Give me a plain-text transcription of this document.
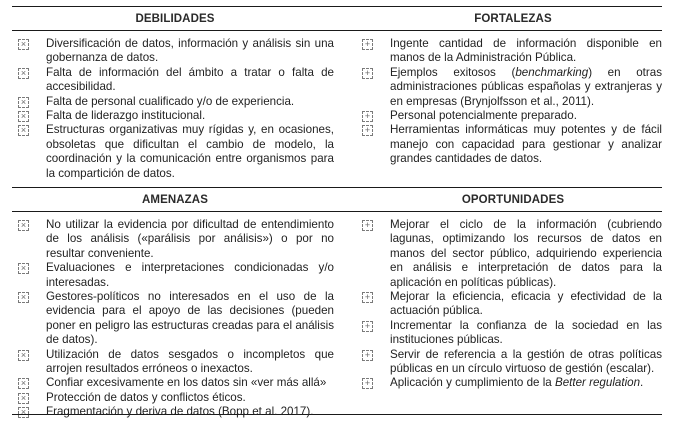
DEBILIDADES	FORTALEZAS
× Diversificación de datos, información y análisis sin una gobernanza de datos.
× Falta de información del ámbito a tratar o falta de accesibilidad.
× Falta de personal cualificado y/o de experiencia.
× Falta de liderazgo institucional.
× Estructuras organizativas muy rígidas y, en ocasiones, obsoletas que dificultan el cambio de modelo, la coordinación y la comunicación entre organismos para la compartición de datos.
+ Ingente cantidad de información disponible en manos de la Administración Pública.
+ Ejemplos exitosos (benchmarking) en otras administraciones públicas españolas y extranjeras y en empresas (Brynjolfsson et al., 2011).
+ Personal potencialmente preparado.
+ Herramientas informáticas muy potentes y de fácil manejo con capacidad para gestionar y analizar grandes cantidades de datos.
AMENAZAS	OPORTUNIDADES
× No utilizar la evidencia por dificultad de entendimiento de los análisis («parálisis por análisis») o por no resultar conveniente.
× Evaluaciones e interpretaciones condicionadas y/o interesadas.
× Gestores-políticos no interesados en el uso de la evidencia para el apoyo de las decisiones (pueden poner en peligro las estructuras creadas para el análisis de datos).
× Utilización de datos sesgados o incompletos que arrojen resultados erróneos o inexactos.
× Confiar excesivamente en los datos sin «ver más allá»
× Protección de datos y conflictos éticos.
× Fragmentación y deriva de datos (Bopp et al. 2017).
+ Mejorar el ciclo de la información (cubriendo lagunas, optimizando los recursos de datos en manos del sector público, adquiriendo experiencia en análisis e interpretación de datos para la aplicación en políticas públicas).
+ Mejorar la eficiencia, eficacia y efectividad de la actuación pública.
+ Incrementar la confianza de la sociedad en las instituciones públicas.
+ Servir de referencia a la gestión de otras políticas públicas en un círculo virtuoso de gestión (escalar).
+ Aplicación y cumplimiento de la Better regulation.
